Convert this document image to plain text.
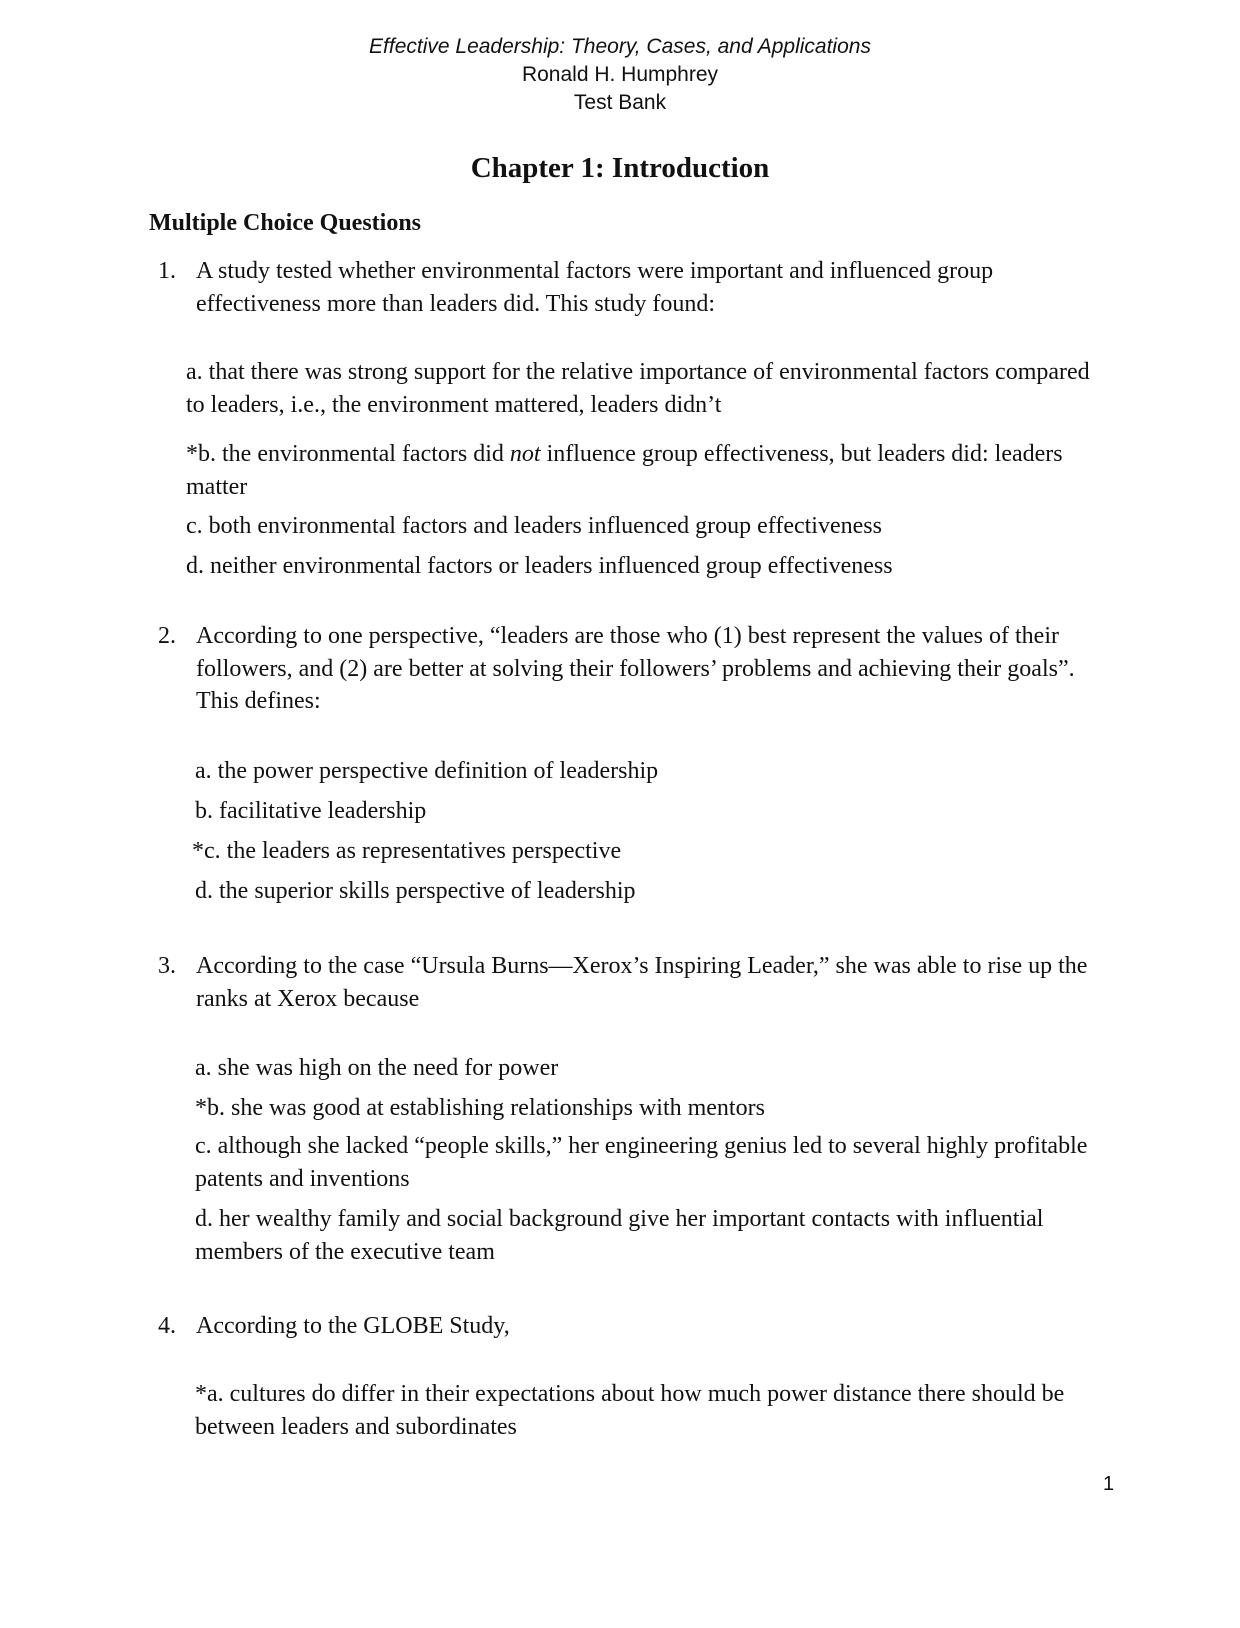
Effective Leadership: Theory, Cases, and Applications
Ronald H. Humphrey
Test Bank
Chapter 1: Introduction
Multiple Choice Questions
1. A study tested whether environmental factors were important and influenced group effectiveness more than leaders did. This study found:
a. that there was strong support for the relative importance of environmental factors compared to leaders, i.e., the environment mattered, leaders didn’t
*b. the environmental factors did not influence group effectiveness, but leaders did: leaders matter
c. both environmental factors and leaders influenced group effectiveness
d. neither environmental factors or leaders influenced group effectiveness
2. According to one perspective, “leaders are those who (1) best represent the values of their followers, and (2) are better at solving their followers’ problems and achieving their goals”. This defines:
a. the power perspective definition of leadership
b. facilitative leadership
*c. the leaders as representatives perspective
d. the superior skills perspective of leadership
3. According to the case “Ursula Burns—Xerox’s Inspiring Leader,” she was able to rise up the ranks at Xerox because
a. she was high on the need for power
*b. she was good at establishing relationships with mentors
c. although she lacked “people skills,” her engineering genius led to several highly profitable patents and inventions
d. her wealthy family and social background give her important contacts with influential members of the executive team
4. According to the GLOBE Study,
*a. cultures do differ in their expectations about how much power distance there should be between leaders and subordinates
1
